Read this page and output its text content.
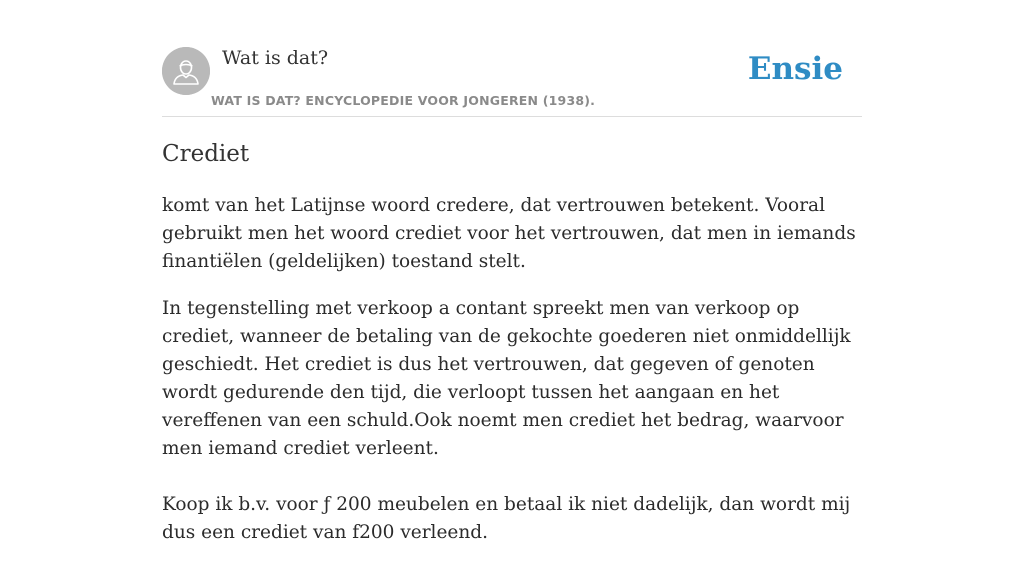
Wat is dat?
WAT IS DAT? ENCYCLOPEDIE VOOR JONGEREN (1938).
Ensie
Crediet

komt van het Latijnse woord credere, dat vertrouwen betekent. Vooral gebruikt men het woord crediet voor het vertrouwen, dat men in iemands finantiëlen (geldelijken) toestand stelt.

In tegenstelling met verkoop a contant spreekt men van verkoop op crediet, wanneer de betaling van de gekochte goederen niet onmiddellijk geschiedt. Het crediet is dus het vertrouwen, dat gegeven of genoten wordt gedurende den tijd, die verloopt tussen het aangaan en het vereffenen van een schuld.Ook noemt men crediet het bedrag, waarvoor men iemand crediet verleent.

Koop ik b.v. voor ƒ 200 meubelen en betaal ik niet dadelijk, dan wordt mij dus een crediet van f200 verleend.
